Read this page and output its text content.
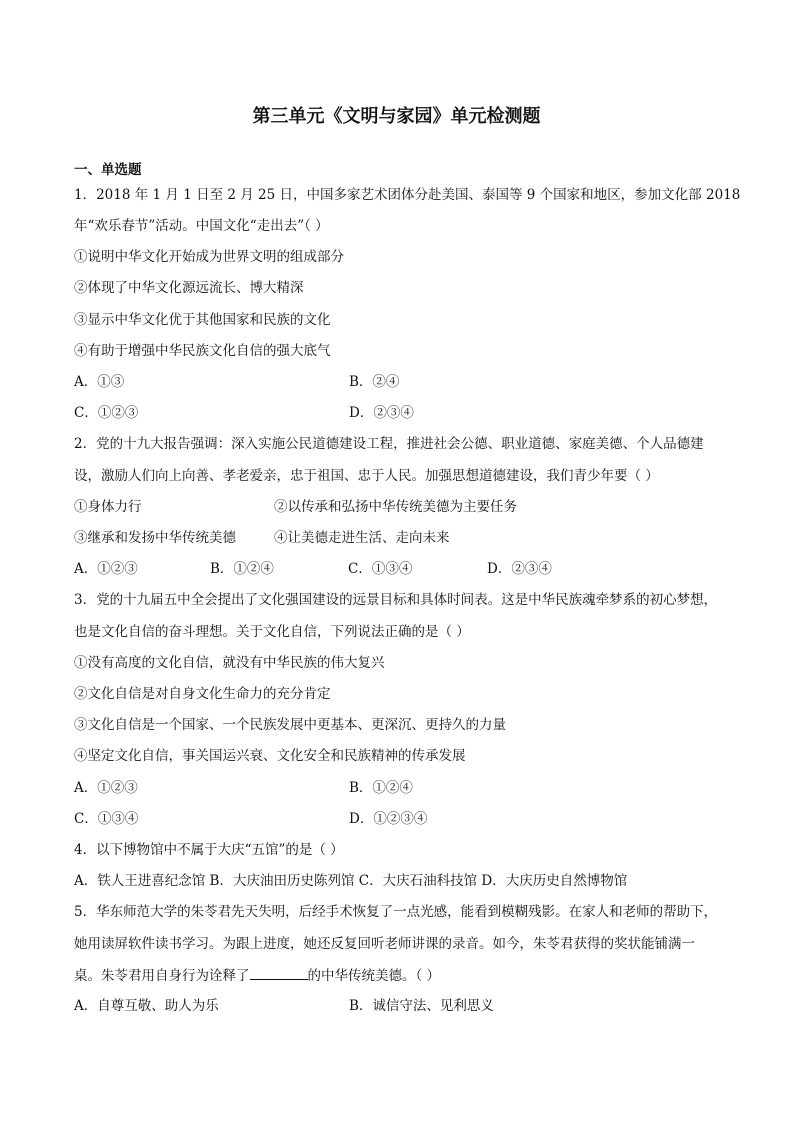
第三单元《文明与家园》单元检测题
一、单选题
1．2018 年 1 月 1 日至 2 月 25 日，中国多家艺术团体分赴美国、泰国等 9 个国家和地区，参加文化部 2018
年“欢乐春节”活动。中国文化“走出去”（ ）
①说明中华文化开始成为世界文明的组成部分
②体现了中华文化源远流长、博大精深
③显示中华文化优于其他国家和民族的文化
④有助于增强中华民族文化自信的强大底气
A．①③	B．②④
C．①②③	D．②③④
2．党的十九大报告强调：深入实施公民道德建设工程，推进社会公德、职业道德、家庭美德、个人品德建
设，激励人们向上向善、孝老爱亲，忠于祖国、忠于人民。加强思想道德建设，我们青少年要（ ）
①身体力行	②以传承和弘扬中华传统美德为主要任务
③继承和发扬中华传统美德	④让美德走进生活、走向未来
A．①②③	B．①②④	C．①③④	D．②③④
3．党的十九届五中全会提出了文化强国建设的远景目标和具体时间表。这是中华民族魂牵梦系的初心梦想，
也是文化自信的奋斗理想。关于文化自信，下列说法正确的是（ ）
①没有高度的文化自信，就没有中华民族的伟大复兴
②文化自信是对自身文化生命力的充分肯定
③文化自信是一个国家、一个民族发展中更基本、更深沉、更持久的力量
④坚定文化自信，事关国运兴衰、文化安全和民族精神的传承发展
A．①②③	B．①②④
C．①③④	D．①②③④
4．以下博物馆中不属于大庆“五馆”的是（ ）
A．铁人王进喜纪念馆 B．大庆油田历史陈列馆 C．大庆石油科技馆 D．大庆历史自然博物馆
5．华东师范大学的朱苓君先天失明，后经手术恢复了一点光感，能看到模糊残影。在家人和老师的帮助下，
她用读屏软件读书学习。为跟上进度，她还反复回听老师讲课的录音。如今，朱苓君获得的奖状能铺满一
桌。朱苓君用自身行为诠释了	的中华传统美德。（ ）
A．自尊互敬、助人为乐	B．诚信守法、见利思义
